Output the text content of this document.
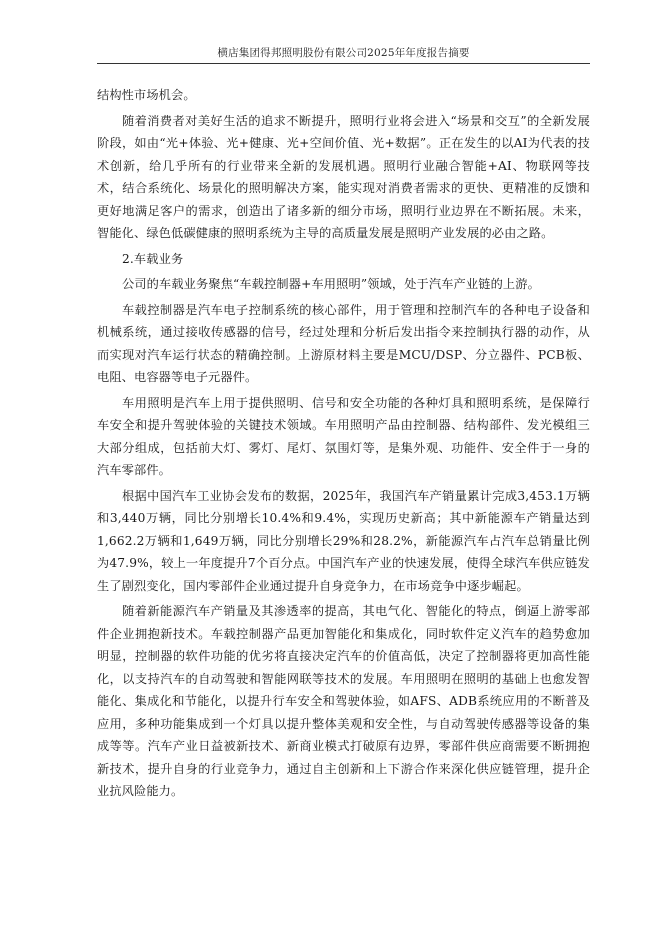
横店集团得邦照明股份有限公司2025年年度报告摘要

结构性市场机会。

随着消费者对美好生活的追求不断提升，照明行业将会进入“场景和交互”的全新发展阶段，如由“光+体验、光+健康、光+空间价值、光+数据”。正在发生的以AI为代表的技术创新，给几乎所有的行业带来全新的发展机遇。照明行业融合智能+AI、物联网等技术，结合系统化、场景化的照明解决方案，能实现对消费者需求的更快、更精准的反馈和更好地满足客户的需求，创造出了诸多新的细分市场，照明行业边界在不断拓展。未来，智能化、绿色低碳健康的照明系统为主导的高质量发展是照明产业发展的必由之路。

2.车载业务

公司的车载业务聚焦“车载控制器+车用照明”领域，处于汽车产业链的上游。

车载控制器是汽车电子控制系统的核心部件，用于管理和控制汽车的各种电子设备和机械系统，通过接收传感器的信号，经过处理和分析后发出指令来控制执行器的动作，从而实现对汽车运行状态的精确控制。上游原材料主要是MCU/DSP、分立器件、PCB板、电阻、电容器等电子元器件。

车用照明是汽车上用于提供照明、信号和安全功能的各种灯具和照明系统，是保障行车安全和提升驾驶体验的关键技术领域。车用照明产品由控制器、结构部件、发光模组三大部分组成，包括前大灯、雾灯、尾灯、氛围灯等，是集外观、功能件、安全件于一身的汽车零部件。

根据中国汽车工业协会发布的数据，2025年，我国汽车产销量累计完成3,453.1万辆和3,440万辆，同比分别增长10.4%和9.4%，实现历史新高；其中新能源车产销量达到1,662.2万辆和1,649万辆，同比分别增长29%和28.2%，新能源汽车占汽车总销量比例为47.9%，较上一年度提升7个百分点。中国汽车产业的快速发展，使得全球汽车供应链发生了剧烈变化，国内零部件企业通过提升自身竞争力，在市场竞争中逐步崛起。

随着新能源汽车产销量及其渗透率的提高，其电气化、智能化的特点，倒逼上游零部件企业拥抱新技术。车载控制器产品更加智能化和集成化，同时软件定义汽车的趋势愈加明显，控制器的软件功能的优劣将直接决定汽车的价值高低，决定了控制器将更加高性能化，以支持汽车的自动驾驶和智能网联等技术的发展。车用照明在照明的基础上也愈发智能化、集成化和节能化，以提升行车安全和驾驶体验，如AFS、ADB系统应用的不断普及应用，多种功能集成到一个灯具以提升整体美观和安全性，与自动驾驶传感器等设备的集成等等。汽车产业日益被新技术、新商业模式打破原有边界，零部件供应商需要不断拥抱新技术，提升自身的行业竞争力，通过自主创新和上下游合作来深化供应链管理，提升企业抗风险能力。
